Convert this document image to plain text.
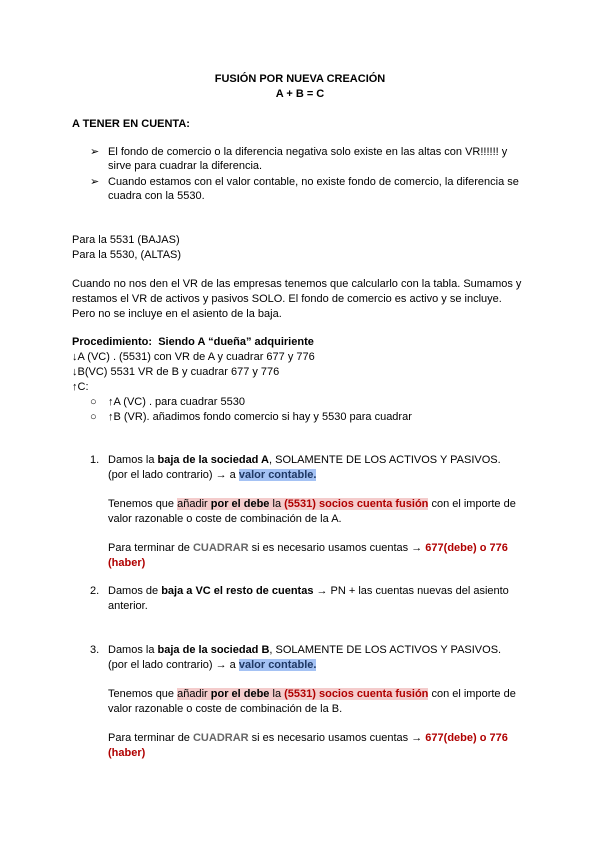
FUSIÓN POR NUEVA CREACIÓN
A + B = C
A TENER EN CUENTA:
➢ El fondo de comercio o la diferencia negativa solo existe en las altas con VR!!!!!! y
sirve para cuadrar la diferencia.
➢ Cuando estamos con el valor contable, no existe fondo de comercio, la diferencia se
cuadra con la 5530.
Para la 5531 (BAJAS)
Para la 5530, (ALTAS)
Cuando no nos den el VR de las empresas tenemos que calcularlo con la tabla. Sumamos y
restamos el VR de activos y pasivos SOLO. El fondo de comercio es activo y se incluye.
Pero no se incluye en el asiento de la baja.
Procedimiento: Siendo A “dueña” adquiriente
↓A (VC) . (5531) con VR de A y cuadrar 677 y 776
↓B(VC) 5531 VR de B y cuadrar 677 y 776
↑C:
○ ↑A (VC) . para cuadrar 5530
○ ↑B (VR). añadimos fondo comercio si hay y 5530 para cuadrar
1. Damos la baja de la sociedad A, SOLAMENTE DE LOS ACTIVOS Y PASIVOS.
(por el lado contrario) → a valor contable.
Tenemos que añadir por el debe la (5531) socios cuenta fusión con el importe de
valor razonable o coste de combinación de la A.
Para terminar de CUADRAR si es necesario usamos cuentas → 677(debe) o 776
(haber)
2. Damos de baja a VC el resto de cuentas → PN + las cuentas nuevas del asiento
anterior.
3. Damos la baja de la sociedad B, SOLAMENTE DE LOS ACTIVOS Y PASIVOS.
(por el lado contrario) → a valor contable.
Tenemos que añadir por el debe la (5531) socios cuenta fusión con el importe de
valor razonable o coste de combinación de la B.
Para terminar de CUADRAR si es necesario usamos cuentas → 677(debe) o 776
(haber)
